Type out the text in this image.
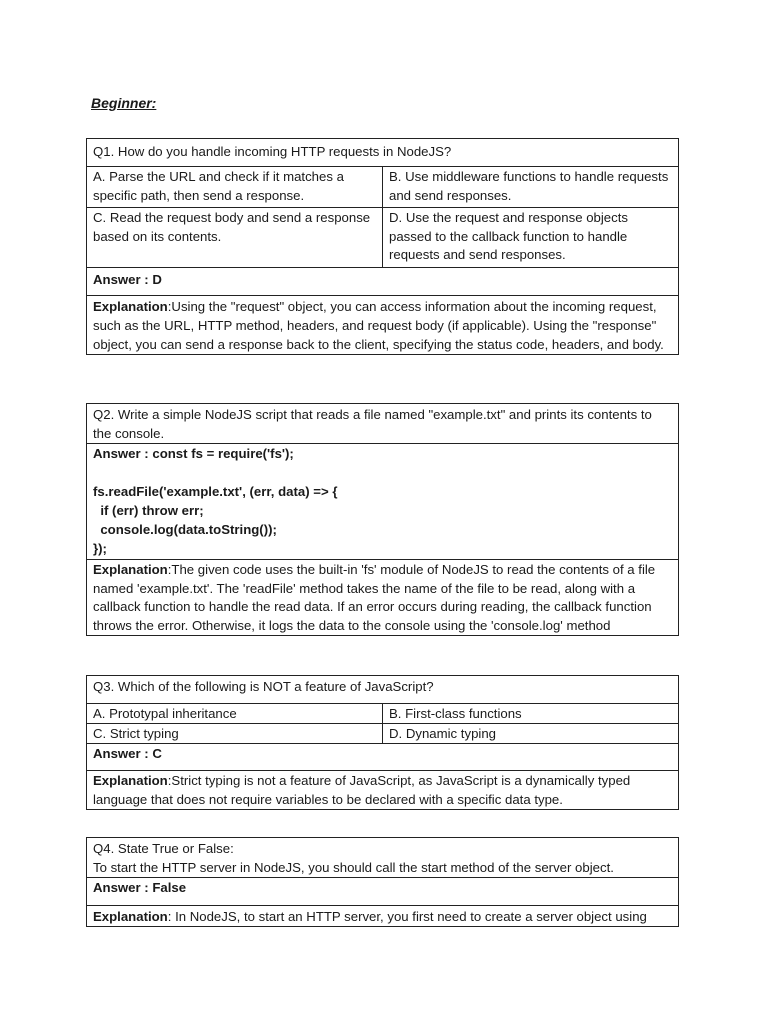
Beginner:
Q1. How do you handle incoming HTTP requests in NodeJS?	
A. Parse the URL and check if it matches a specific path, then send a response.	B. Use middleware functions to handle requests and send responses.
C. Read the request body and send a response based on its contents.	D. Use the request and response objects passed to the callback function to handle requests and send responses.
Answer : D	
Explanation:Using the "request" object, you can access information about the incoming request, such as the URL, HTTP method, headers, and request body (if applicable). Using the "response" object, you can send a response back to the client, specifying the status code, headers, and body.	
Q2. Write a simple NodeJS script that reads a file named "example.txt" and prints its contents to the console.
Answer : const fs = require('fs');

fs.readFile('example.txt', (err, data) => {
if (err) throw err;
console.log(data.toString());
});
Explanation:The given code uses the built-in 'fs' module of NodeJS to read the contents of a file named 'example.txt'. The 'readFile' method takes the name of the file to be read, along with a callback function to handle the read data. If an error occurs during reading, the callback function throws the error. Otherwise, it logs the data to the console using the 'console.log' method
Q3. Which of the following is NOT a feature of JavaScript?	
A. Prototypal inheritance	B. First-class functions
C. Strict typing	D. Dynamic typing
Answer : C	
Explanation:Strict typing is not a feature of JavaScript, as JavaScript is a dynamically typed language that does not require variables to be declared with a specific data type.	
Q4. State True or False:
To start the HTTP server in NodeJS, you should call the start method of the server object.

Answer : False
Explanation: In NodeJS, to start an HTTP server, you first need to create a server object using
